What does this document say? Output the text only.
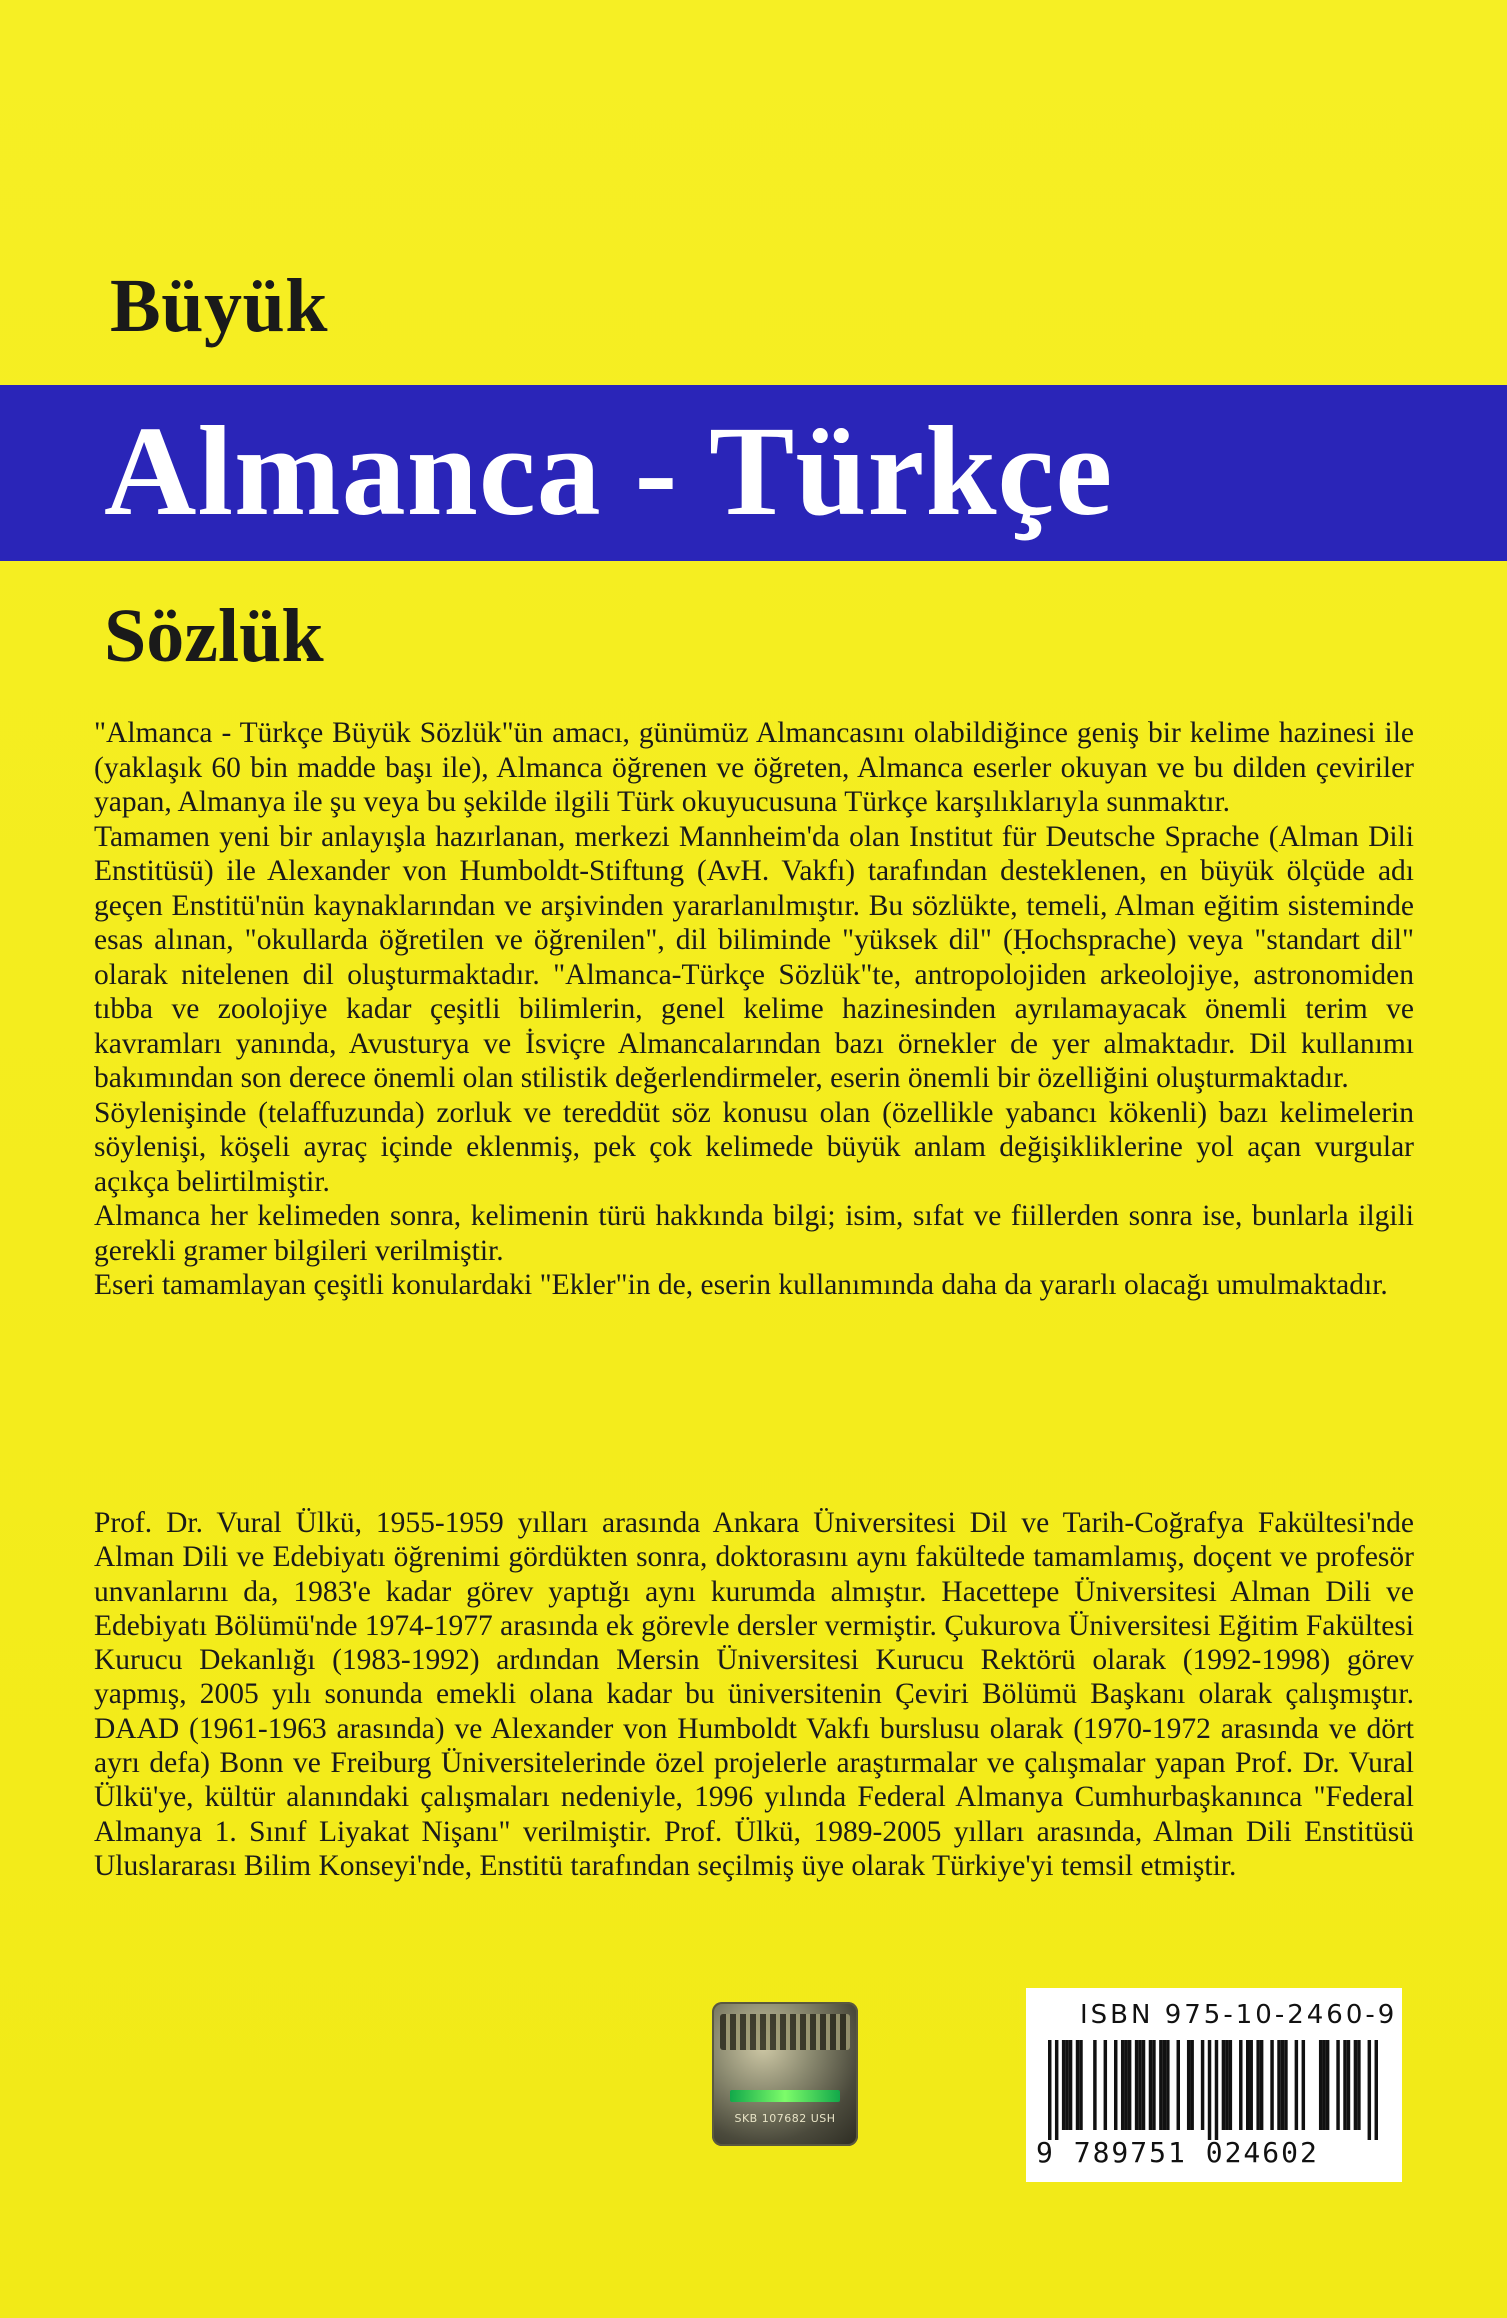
Büyük
Almanca - Türkçe
Sözlük

"Almanca - Türkçe Büyük Sözlük"ün amacı, günümüz Almancasını olabildiğince geniş bir kelime hazinesi ile (yaklaşık 60 bin madde başı ile), Almanca öğrenen ve öğreten, Almanca eserler okuyan ve bu dilden çeviriler yapan, Almanya ile şu veya bu şekilde ilgili Türk okuyucusuna Türkçe karşılıklarıyla sunmaktır.

Tamamen yeni bir anlayışla hazırlanan, merkezi Mannheim'da olan Institut für Deutsche Sprache (Alman Dili Enstitüsü) ile Alexander von Humboldt-Stiftung (AvH. Vakfı) tarafından desteklenen, en büyük ölçüde adı geçen Enstitü'nün kaynaklarından ve arşivinden yararlanılmıştır. Bu sözlükte, temeli, Alman eğitim sisteminde esas alınan, "okullarda öğretilen ve öğrenilen", dil biliminde "yüksek dil" (Ḥochsprache) veya "standart dil" olarak nitelenen dil oluşturmaktadır. "Almanca-Türkçe Sözlük"te, antropolojiden arkeolojiye, astronomiden tıbba ve zoolojiye kadar çeşitli bilimlerin, genel kelime hazinesinden ayrılamayacak önemli terim ve kavramları yanında, Avusturya ve İsviçre Almancalarından bazı örnekler de yer almaktadır. Dil kullanımı bakımından son derece önemli olan stilistik değerlendirmeler, eserin önemli bir özelliğini oluşturmaktadır.

Söylenişinde (telaffuzunda) zorluk ve tereddüt söz konusu olan (özellikle yabancı kökenli) bazı kelimelerin söylenişi, köşeli ayraç içinde eklenmiş, pek çok kelimede büyük anlam değişikliklerine yol açan vurgular açıkça belirtilmiştir.

Almanca her kelimeden sonra, kelimenin türü hakkında bilgi; isim, sıfat ve fiillerden sonra ise, bunlarla ilgili gerekli gramer bilgileri verilmiştir.

Eseri tamamlayan çeşitli konulardaki "Ekler"in de, eserin kullanımında daha da yararlı olacağı umulmaktadır.

Prof. Dr. Vural Ülkü, 1955-1959 yılları arasında Ankara Üniversitesi Dil ve Tarih-Coğrafya Fakültesi'nde Alman Dili ve Edebiyatı öğrenimi gördükten sonra, doktorasını aynı fakültede tamamlamış, doçent ve profesör unvanlarını da, 1983'e kadar görev yaptığı aynı kurumda almıştır. Hacettepe Üniversitesi Alman Dili ve Edebiyatı Bölümü'nde 1974-1977 arasında ek görevle dersler vermiştir. Çukurova Üniversitesi Eğitim Fakültesi Kurucu Dekanlığı (1983-1992) ardından Mersin Üniversitesi Kurucu Rektörü olarak (1992-1998) görev yapmış, 2005 yılı sonunda emekli olana kadar bu üniversitenin Çeviri Bölümü Başkanı olarak çalışmıştır. DAAD (1961-1963 arasında) ve Alexander von Humboldt Vakfı burslusu olarak (1970-1972 arasında ve dört ayrı defa) Bonn ve Freiburg Üniversitelerinde özel projelerle araştırmalar ve çalışmalar yapan Prof. Dr. Vural Ülkü'ye, kültür alanındaki çalışmaları nedeniyle, 1996 yılında Federal Almanya Cumhurbaşkanınca "Federal Almanya 1. Sınıf Liyakat Nişanı" verilmiştir. Prof. Ülkü, 1989-2005 yılları arasında, Alman Dili Enstitüsü Uluslararası Bilim Konseyi'nde, Enstitü tarafından seçilmiş üye olarak Türkiye'yi temsil etmiştir.

SKB 107682 USH
ISBN 975-10-2460-9
9 789751 024602
